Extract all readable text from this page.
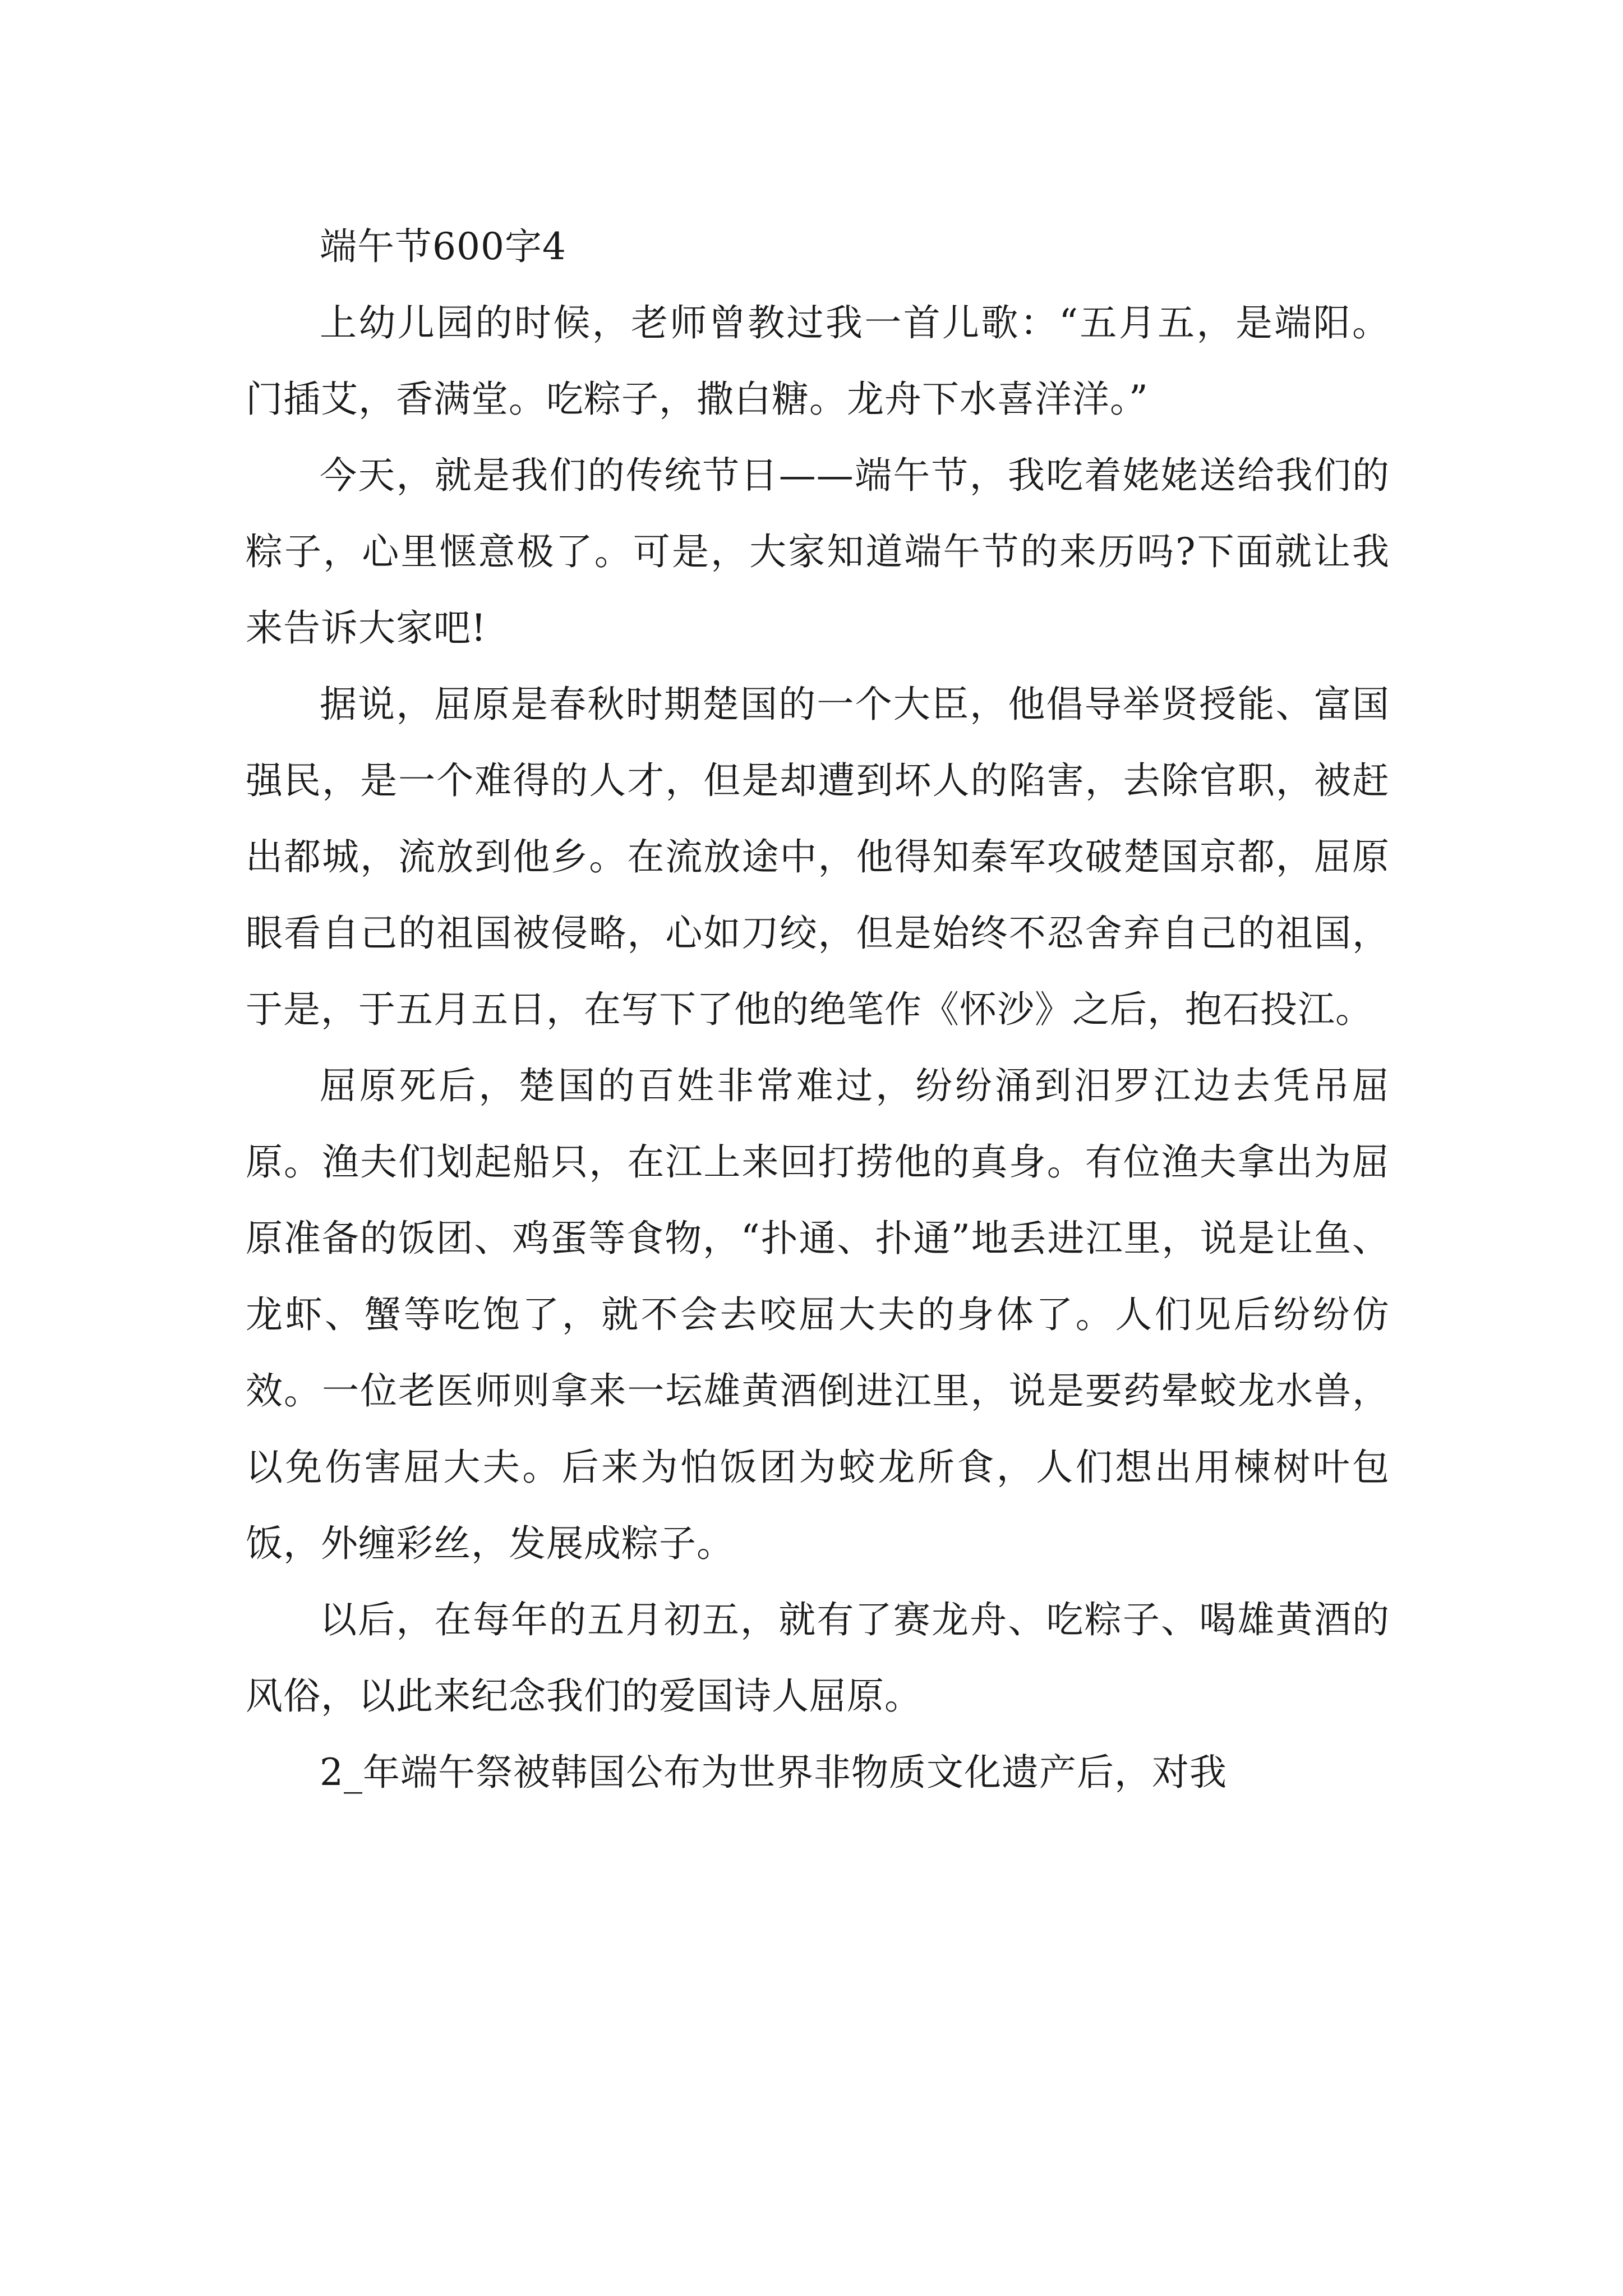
端午节600字4

上幼儿园的时候，老师曾教过我一首儿歌：“五月五，是端阳。门插艾，香满堂。吃粽子，撒白糖。龙舟下水喜洋洋。”

今天，就是我们的传统节日——端午节，我吃着姥姥送给我们的粽子，心里惬意极了。可是，大家知道端午节的来历吗?下面就让我来告诉大家吧!

据说，屈原是春秋时期楚国的一个大臣，他倡导举贤授能、富国强民，是一个难得的人才，但是却遭到坏人的陷害，去除官职，被赶出都城，流放到他乡。在流放途中，他得知秦军攻破楚国京都，屈原眼看自己的祖国被侵略，心如刀绞，但是始终不忍舍弃自己的祖国，于是，于五月五日，在写下了他的绝笔作《怀沙》之后，抱石投江。

屈原死后，楚国的百姓非常难过，纷纷涌到汨罗江边去凭吊屈原。渔夫们划起船只，在江上来回打捞他的真身。有位渔夫拿出为屈原准备的饭团、鸡蛋等食物，“扑通、扑通”地丢进江里，说是让鱼、龙虾、蟹等吃饱了，就不会去咬屈大夫的身体了。人们见后纷纷仿效。一位老医师则拿来一坛雄黄酒倒进江里，说是要药晕蛟龙水兽，以免伤害屈大夫。后来为怕饭团为蛟龙所食，人们想出用楝树叶包饭，外缠彩丝，发展成粽子。

以后，在每年的五月初五，就有了赛龙舟、吃粽子、喝雄黄酒的风俗，以此来纪念我们的爱国诗人屈原。

2_年端午祭被韩国公布为世界非物质文化遗产后，对我
